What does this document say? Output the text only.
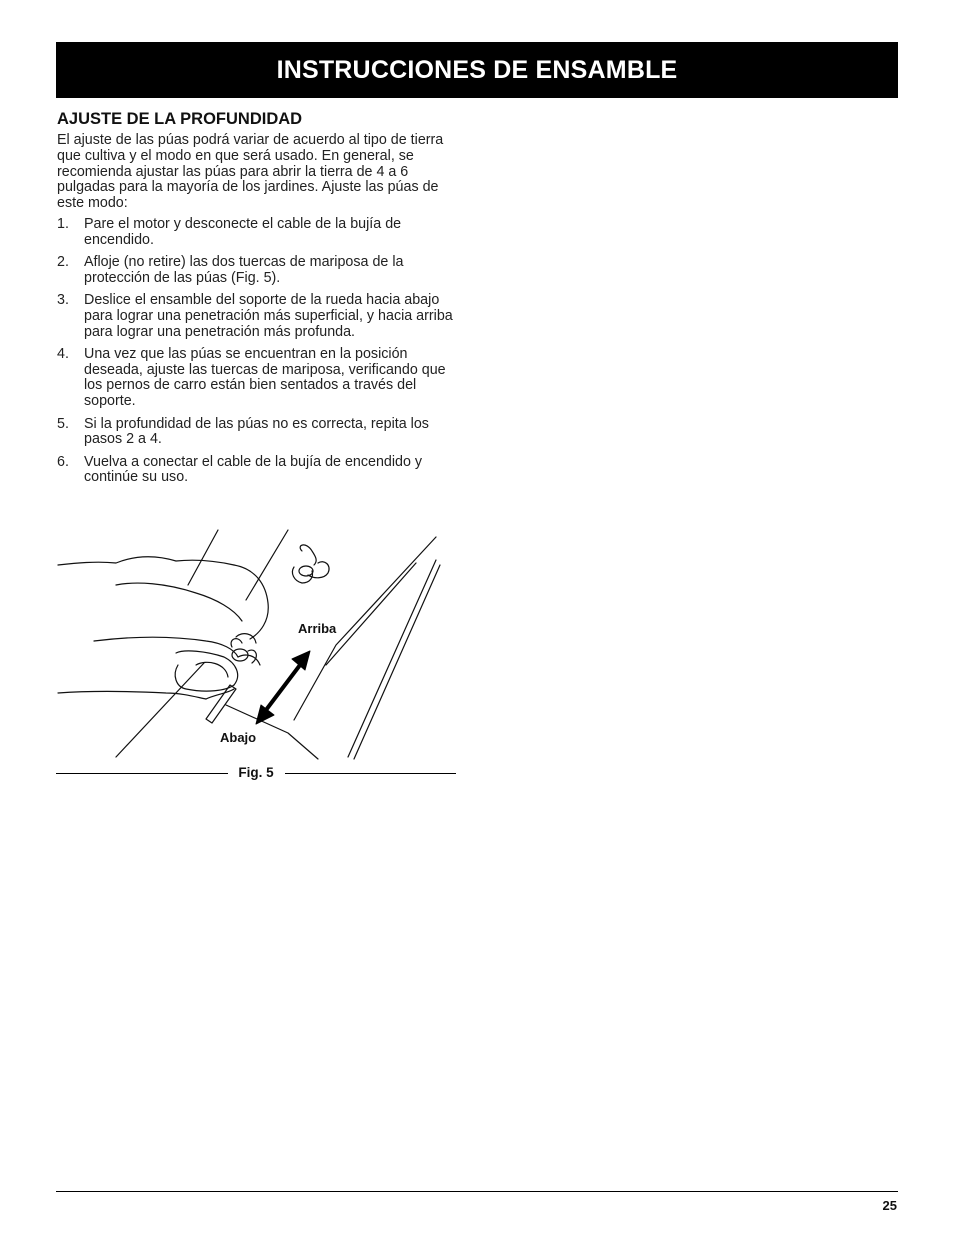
INSTRUCCIONES DE ENSAMBLE
AJUSTE DE LA PROFUNDIDAD

El ajuste de las púas podrá variar de acuerdo al tipo de tierra que cultiva y el modo en que será usado. En general, se recomienda ajustar las púas para abrir la tierra de 4 a 6 pulgadas para la mayoría de los jardines. Ajuste las púas de este modo:

1.	Pare el motor y desconecte el cable de la bujía de encendido.
2.	Afloje (no retire) las dos tuercas de mariposa de la protección de las púas (Fig. 5).
3.	Deslice el ensamble del soporte de la rueda hacia abajo para lograr una penetración más superficial, y hacia arriba para lograr una penetración más profunda.
4.	Una vez que las púas se encuentran en la posición deseada, ajuste las tuercas de mariposa, verificando que los pernos de carro están bien sentados a través del soporte.
5.	Si la profundidad de las púas no es correcta, repita los pasos 2 a 4.
6.	Vuelva a conectar el cable de la bujía de encendido y continúe su uso.
Arriba
Abajo
Fig. 5
25
